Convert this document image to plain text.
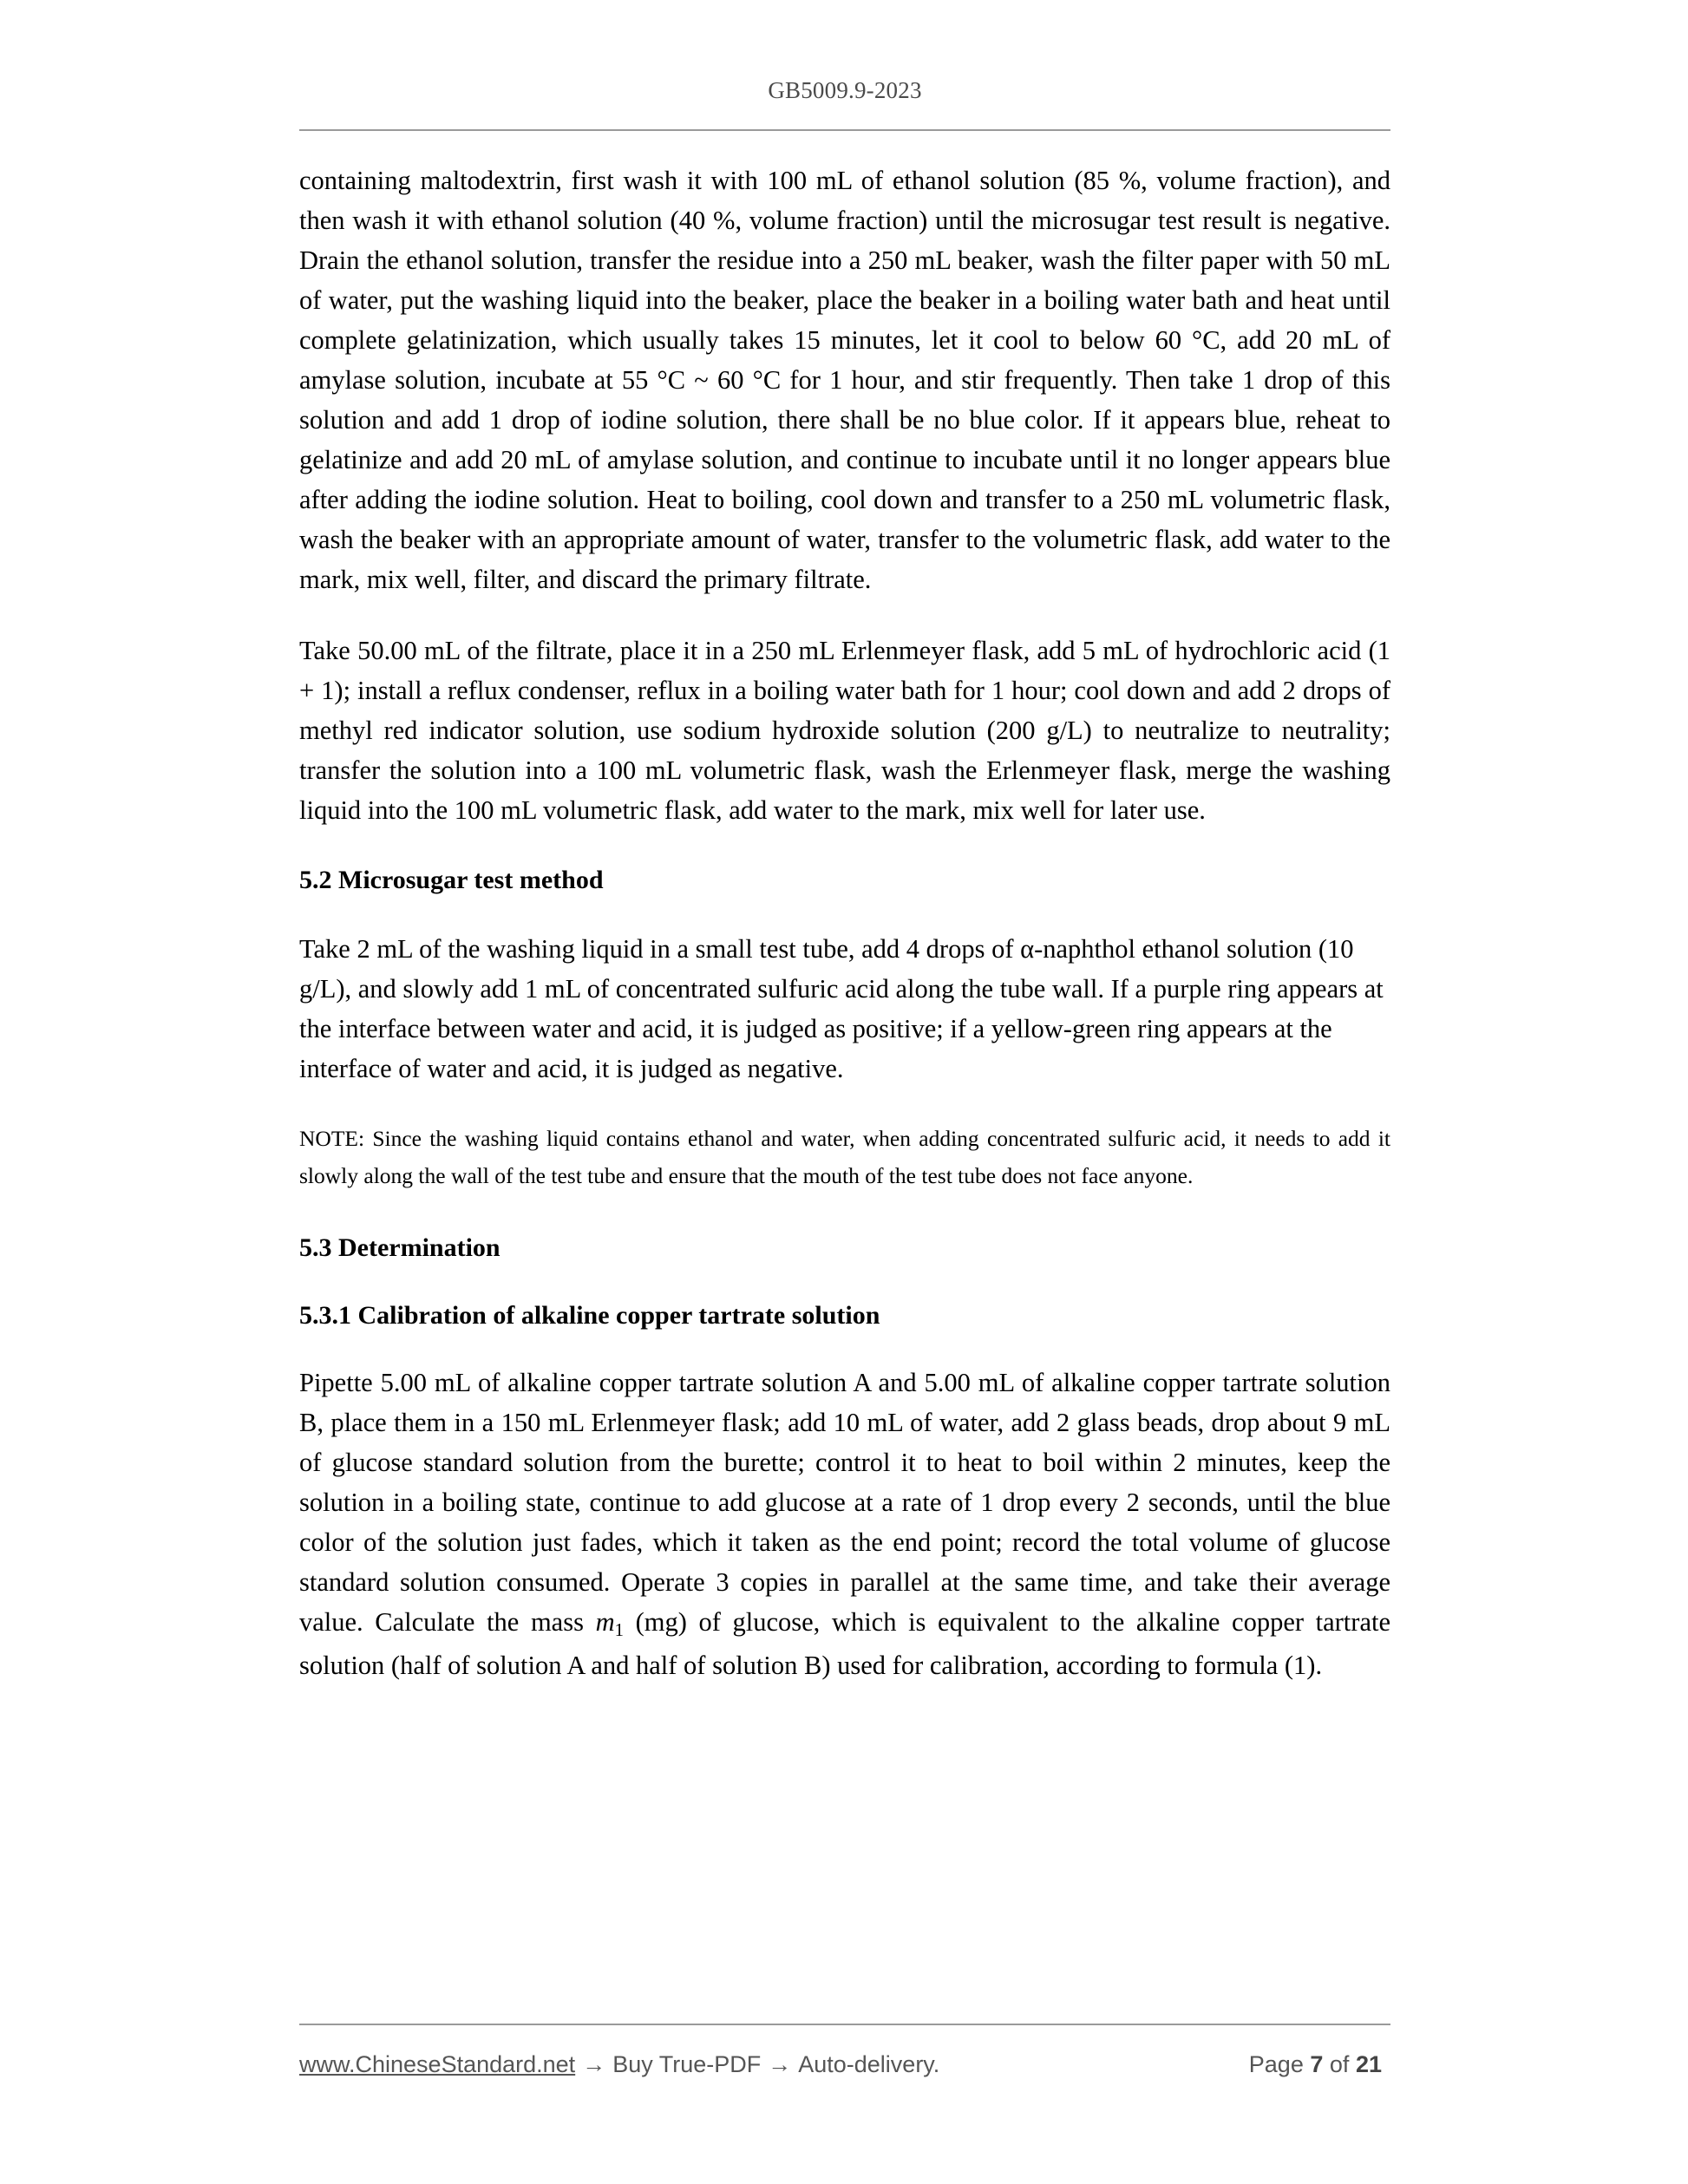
GB5009.9-2023

containing maltodextrin, first wash it with 100 mL of ethanol solution (85 %, volume fraction), and then wash it with ethanol solution (40 %, volume fraction) until the microsugar test result is negative. Drain the ethanol solution, transfer the residue into a 250 mL beaker, wash the filter paper with 50 mL of water, put the washing liquid into the beaker, place the beaker in a boiling water bath and heat until complete gelatinization, which usually takes 15 minutes, let it cool to below 60 °C, add 20 mL of amylase solution, incubate at 55 °C ~ 60 °C for 1 hour, and stir frequently. Then take 1 drop of this solution and add 1 drop of iodine solution, there shall be no blue color. If it appears blue, reheat to gelatinize and add 20 mL of amylase solution, and continue to incubate until it no longer appears blue after adding the iodine solution. Heat to boiling, cool down and transfer to a 250 mL volumetric flask, wash the beaker with an appropriate amount of water, transfer to the volumetric flask, add water to the mark, mix well, filter, and discard the primary filtrate.

Take 50.00 mL of the filtrate, place it in a 250 mL Erlenmeyer flask, add 5 mL of hydrochloric acid (1 + 1); install a reflux condenser, reflux in a boiling water bath for 1 hour; cool down and add 2 drops of methyl red indicator solution, use sodium hydroxide solution (200 g/L) to neutralize to neutrality; transfer the solution into a 100 mL volumetric flask, wash the Erlenmeyer flask, merge the washing liquid into the 100 mL volumetric flask, add water to the mark, mix well for later use.

5.2 Microsugar test method

Take 2 mL of the washing liquid in a small test tube, add 4 drops of α-naphthol ethanol solution (10 g/L), and slowly add 1 mL of concentrated sulfuric acid along the tube wall. If a purple ring appears at the interface between water and acid, it is judged as positive; if a yellow-green ring appears at the interface of water and acid, it is judged as negative.

NOTE: Since the washing liquid contains ethanol and water, when adding concentrated sulfuric acid, it needs to add it slowly along the wall of the test tube and ensure that the mouth of the test tube does not face anyone.

5.3 Determination
5.3.1 Calibration of alkaline copper tartrate solution

Pipette 5.00 mL of alkaline copper tartrate solution A and 5.00 mL of alkaline copper tartrate solution B, place them in a 150 mL Erlenmeyer flask; add 10 mL of water, add 2 glass beads, drop about 9 mL of glucose standard solution from the burette; control it to heat to boil within 2 minutes, keep the solution in a boiling state, continue to add glucose at a rate of 1 drop every 2 seconds, until the blue color of the solution just fades, which it taken as the end point; record the total volume of glucose standard solution consumed. Operate 3 copies in parallel at the same time, and take their average value. Calculate the mass $m_1$ (mg) of glucose, which is equivalent to the alkaline copper tartrate solution (half of solution A and half of solution B) used for calibration, according to formula (1).

www.ChineseStandard.net → Buy True-PDF → Auto-delivery.	Page
7
of
21
